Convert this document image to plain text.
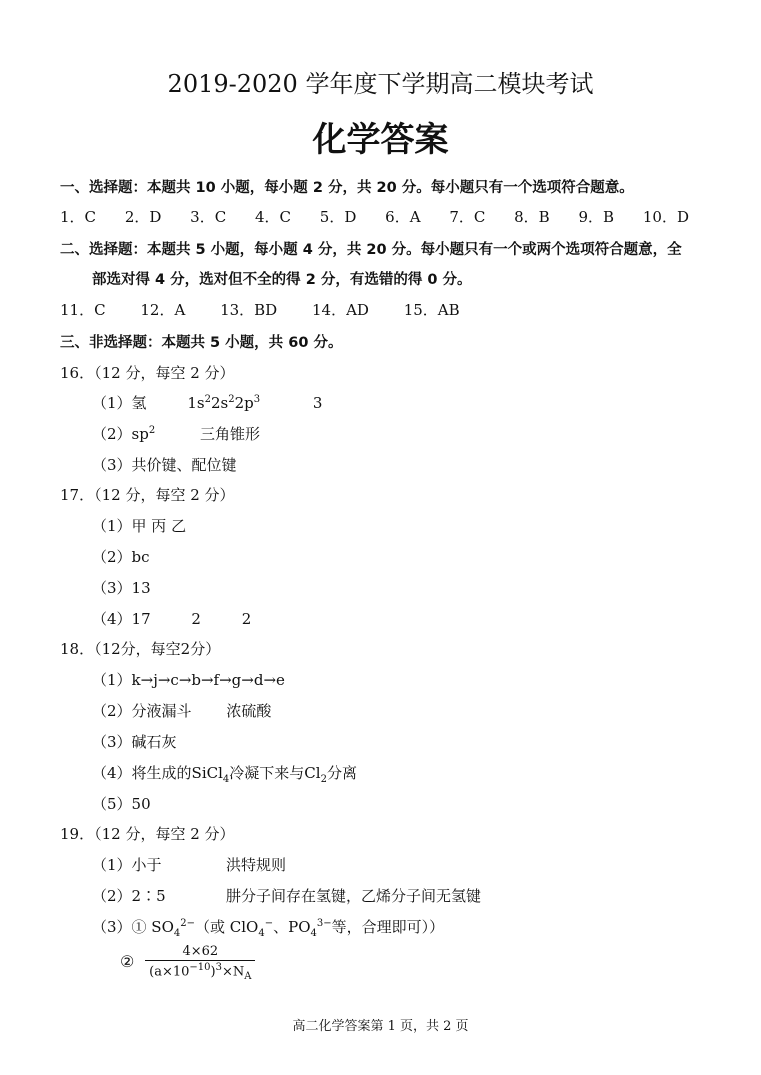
2019-2020 学年度下学期高二模块考试
化学答案
一、选择题：本题共 10 小题，每小题 2 分，共 20 分。每小题只有一个选项符合题意。
1．C 2．D 3．C 4．C 5．D 6．A 7．C 8．B 9．B 10．D
二、选择题：本题共 5 小题，每小题 4 分，共 20 分。每小题只有一个或两个选项符合题意，全
部选对得 4 分，选对但不全的得 2 分，有选错的得 0 分。
11．C 12．A 13．BD 14．AD 15．AB
三、非选择题：本题共 5 小题，共 60 分。
16．（12 分，每空 2 分）
（1）氢	$1s^22s^22p^3$	3
$(2)sp^2$	三角锥形
（3）共价键、配位键
17．（12 分，每空 2 分）
（1）甲 丙 乙
（2）bc
（3）13
（4）17	2	2
18．（12分，每空2分）
（1）k→j→c→b→f→g→d→e
（2）分液漏斗 浓硫酸
（3）碱石灰
（4）将生成的SiCl$_4$冷凝下来与$Cl_2$分离
（5）50
19．（12 分，每空 2 分）
（1）小于	洪特规则
（2）2∶5	肼分子间存在氢键，乙烯分子间无氢键
（3）① $SO_4^{2-}$（或 ClO$_4$−、$PO_4^{3-}$等，合理即可））
② $\frac{4\times 62}{(a\times 10^{-10})^3\times N_A}$
高二化学答案第 1 页，共 2 页
